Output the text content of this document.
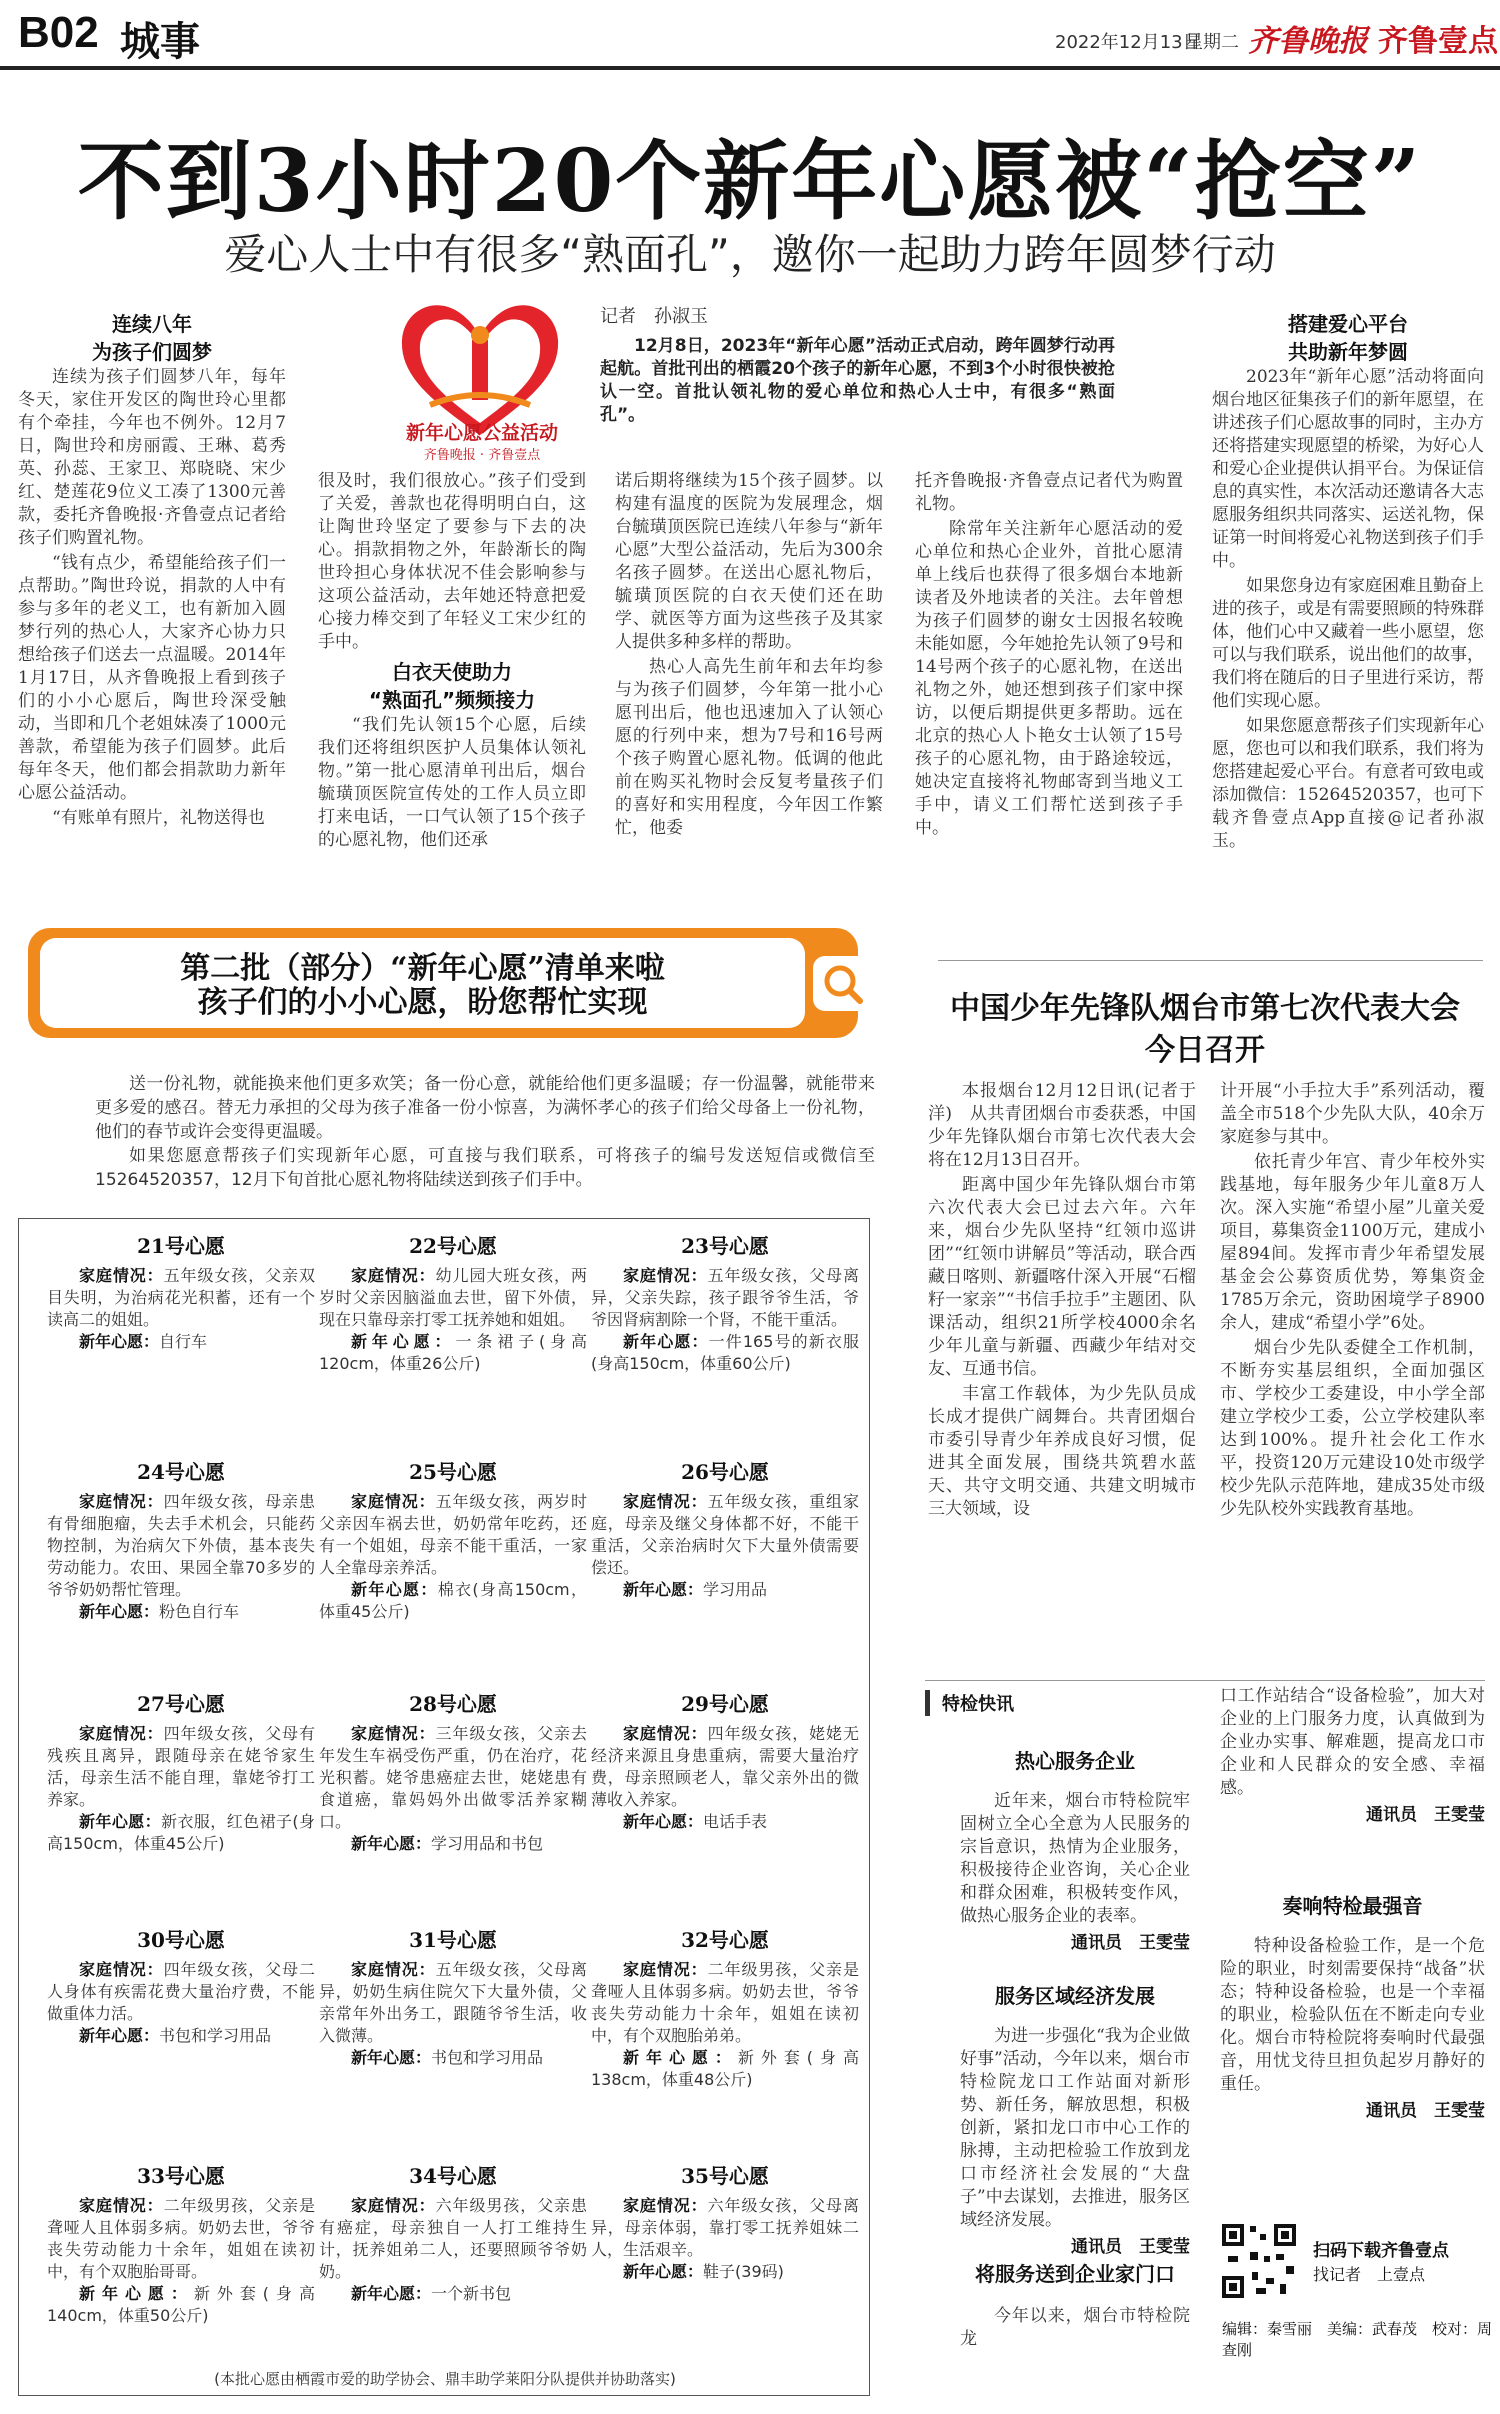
B02 城事	2022年12月13日
星期二 齐鲁晚报 齐鲁壹点
不到3小时20个新年心愿被“抢空”
爱心人士中有很多“熟面孔”，邀你一起助力跨年圆梦行动
连续八年
为孩子们圆梦

连续为孩子们圆梦八年，每年冬天，家住开发区的陶世玲心里都有个牵挂，今年也不例外。12月7日，陶世玲和房丽霞、王琳、葛秀英、孙蕊、王家卫、郑晓晓、宋少红、楚莲花9位义工凑了1300元善款，委托齐鲁晚报·齐鲁壹点记者给孩子们购置礼物。

“钱有点少，希望能给孩子们一点帮助。”陶世玲说，捐款的人中有参与多年的老义工，也有新加入圆梦行列的热心人，大家齐心协力只想给孩子们送去一点温暖。2014年1月17日，从齐鲁晚报上看到孩子们的小小心愿后，陶世玲深受触动，当即和几个老姐妹凑了1000元善款，希望能为孩子们圆梦。此后每年冬天，他们都会捐款助力新年心愿公益活动。

“有账单有照片，礼物送得也

新年心愿公益活动
齐鲁晚报 · 齐鲁壹点

很及时，我们很放心。”孩子们受到了关爱，善款也花得明明白白，这让陶世玲坚定了要参与下去的决心。捐款捐物之外，年龄渐长的陶世玲担心身体状况不佳会影响参与这项公益活动，去年她还特意把爱心接力棒交到了年轻义工宋少红的手中。

白衣天使助力
“熟面孔”频频接力

“我们先认领15个心愿，后续我们还将组织医护人员集体认领礼物。”第一批心愿清单刊出后，烟台毓璜顶医院宣传处的工作人员立即打来电话，一口气认领了15个孩子的心愿礼物，他们还承

记者　孙淑玉
12月8日，2023年“新年心愿”活动正式启动，跨年圆梦行动再起航。首批刊出的栖霞20个孩子的新年心愿，不到3个小时很快被抢认一空。首批认领礼物的爱心单位和热心人士中，有很多“熟面孔”。

诺后期将继续为15个孩子圆梦。以构建有温度的医院为发展理念，烟台毓璜顶医院已连续八年参与“新年心愿”大型公益活动，先后为300余名孩子圆梦。在送出心愿礼物后，毓璜顶医院的白衣天使们还在助学、就医等方面为这些孩子及其家人提供多种多样的帮助。

热心人高先生前年和去年均参与为孩子们圆梦，今年第一批小心愿刊出后，他也迅速加入了认领心愿的行列中来，想为7号和16号两个孩子购置心愿礼物。低调的他此前在购买礼物时会反复考量孩子们的喜好和实用程度，今年因工作繁忙，他委

托齐鲁晚报·齐鲁壹点记者代为购置礼物。

除常年关注新年心愿活动的爱心单位和热心企业外，首批心愿清单上线后也获得了很多烟台本地新读者及外地读者的关注。去年曾想为孩子们圆梦的谢女士因报名较晚未能如愿，今年她抢先认领了9号和14号两个孩子的心愿礼物，在送出礼物之外，她还想到孩子们家中探访，以便后期提供更多帮助。远在北京的热心人卜艳女士认领了15号孩子的心愿礼物，由于路途较远，她决定直接将礼物邮寄到当地义工手中，请义工们帮忙送到孩子手中。

搭建爱心平台
共助新年梦圆

2023年“新年心愿”活动将面向烟台地区征集孩子们的新年愿望，在讲述孩子们心愿故事的同时，主办方还将搭建实现愿望的桥梁，为好心人和爱心企业提供认捐平台。为保证信息的真实性，本次活动还邀请各大志愿服务组织共同落实、运送礼物，保证第一时间将爱心礼物送到孩子们手中。

如果您身边有家庭困难且勤奋上进的孩子，或是有需要照顾的特殊群体，他们心中又藏着一些小愿望，您可以与我们联系，说出他们的故事，我们将在随后的日子里进行采访，帮他们实现心愿。

如果您愿意帮孩子们实现新年心愿，您也可以和我们联系，我们将为您搭建起爱心平台。有意者可致电或添加微信：15264520357，也可下载齐鲁壹点App直接@记者孙淑玉。

第二批（部分）“新年心愿”清单来啦
孩子们的小小心愿，盼您帮忙实现

送一份礼物，就能换来他们更多欢笑；备一份心意，就能给他们更多温暖；存一份温馨，就能带来更多爱的感召。替无力承担的父母为孩子准备一份小惊喜，为满怀孝心的孩子们给父母备上一份礼物，他们的春节或许会变得更温暖。

如果您愿意帮孩子们实现新年心愿，可直接与我们联系，可将孩子的编号发送短信或微信至15264520357，12月下旬首批心愿礼物将陆续送到孩子们手中。

21号心愿

家庭情况：五年级女孩，父亲双目失明，为治病花光积蓄，还有一个读高二的姐姐。

新年心愿：自行车

22号心愿

家庭情况：幼儿园大班女孩，两岁时父亲因脑溢血去世，留下外债，现在只靠母亲打零工抚养她和姐姐。

新年心愿：一条裙子(身高120cm，体重26公斤)

23号心愿

家庭情况：五年级女孩，父母离异，父亲失踪，孩子跟爷爷生活，爷爷因肾病割除一个肾，不能干重活。

新年心愿：一件165号的新衣服(身高150cm，体重60公斤)

24号心愿

家庭情况：四年级女孩，母亲患有骨细胞瘤，失去手术机会，只能药物控制，为治病欠下外债，基本丧失劳动能力。农田、果园全靠70多岁的爷爷奶奶帮忙管理。

新年心愿：粉色自行车

25号心愿

家庭情况：五年级女孩，两岁时父亲因车祸去世，奶奶常年吃药，还有一个姐姐，母亲不能干重活，一家人全靠母亲养活。

新年心愿：棉衣(身高150cm，体重45公斤)

26号心愿

家庭情况：五年级女孩，重组家庭，母亲及继父身体都不好，不能干重活，父亲治病时欠下大量外债需要偿还。

新年心愿：学习用品

27号心愿

家庭情况：四年级女孩，父母有残疾且离异，跟随母亲在姥爷家生活，母亲生活不能自理，靠姥爷打工养家。

新年心愿：新衣服，红色裙子(身高150cm，体重45公斤)

28号心愿

家庭情况：三年级女孩，父亲去年发生车祸受伤严重，仍在治疗，花光积蓄。姥爷患癌症去世，姥姥患有食道癌，靠妈妈外出做零活养家糊口。

新年心愿：学习用品和书包

29号心愿

家庭情况：四年级女孩，姥姥无经济来源且身患重病，需要大量治疗费，母亲照顾老人，靠父亲外出的微薄收入养家。

新年心愿：电话手表

30号心愿

家庭情况：四年级女孩，父母二人身体有疾需花费大量治疗费，不能做重体力活。

新年心愿：书包和学习用品

31号心愿

家庭情况：五年级女孩，父母离异，奶奶生病住院欠下大量外债，父亲常年外出务工，跟随爷爷生活，收入微薄。

新年心愿：书包和学习用品

32号心愿

家庭情况：二年级男孩，父亲是聋哑人且体弱多病。奶奶去世，爷爷丧失劳动能力十余年，姐姐在读初中，有个双胞胎弟弟。

新年心愿：新外套(身高138cm，体重48公斤)

33号心愿

家庭情况：二年级男孩，父亲是聋哑人且体弱多病。奶奶去世，爷爷丧失劳动能力十余年，姐姐在读初中，有个双胞胎哥哥。

新年心愿：新外套(身高140cm，体重50公斤)

34号心愿

家庭情况：六年级男孩，父亲患有癌症，母亲独自一人打工维持生计，抚养姐弟二人，还要照顾爷爷奶奶。

新年心愿：一个新书包

35号心愿

家庭情况：六年级女孩，父母离异，母亲体弱，靠打零工抚养姐妹二人，生活艰辛。

新年心愿：鞋子(39码)

(本批心愿由栖霞市爱的助学协会、鼎丰助学莱阳分队提供并协助落实)
中国少年先锋队烟台市第七次代表大会
今日召开

本报烟台12月12日讯(记者于洋)　从共青团烟台市委获悉，中国少年先锋队烟台市第七次代表大会将在12月13日召开。

距离中国少年先锋队烟台市第六次代表大会已过去六年。六年来，烟台少先队坚持“红领巾巡讲团”“红领巾讲解员”等活动，联合西藏日喀则、新疆喀什深入开展“石榴籽一家亲”“书信手拉手”主题团、队课活动，组织21所学校4000余名少年儿童与新疆、西藏少年结对交友、互通书信。

丰富工作载体，为少先队员成长成才提供广阔舞台。共青团烟台市委引导青少年养成良好习惯，促进其全面发展，围绕共筑碧水蓝天、共守文明交通、共建文明城市三大领域，设

计开展“小手拉大手”系列活动，覆盖全市518个少先队大队，40余万家庭参与其中。

依托青少年宫、青少年校外实践基地，每年服务少年儿童8万人次。深入实施“希望小屋”儿童关爱项目，募集资金1100万元，建成小屋894间。发挥市青少年希望发展基金会公募资质优势，筹集资金1785万余元，资助困境学子8900余人，建成“希望小学”6处。

烟台少先队委健全工作机制，不断夯实基层组织，全面加强区市、学校少工委建设，中小学全部建立学校少工委，公立学校建队率达到100%。提升社会化工作水平，投资120万元建设10处市级学校少先队示范阵地，建成35处市级少先队校外实践教育基地。

特检快讯
热心服务企业

近年来，烟台市特检院牢固树立全心全意为人民服务的宗旨意识，热情为企业服务，积极接待企业咨询，关心企业和群众困难，积极转变作风，做热心服务企业的表率。

通讯员　王雯莹
服务区域经济发展

为进一步强化“我为企业做好事”活动，今年以来，烟台市特检院龙口工作站面对新形势、新任务，解放思想，积极创新，紧扣龙口市中心工作的脉搏，主动把检验工作放到龙口市经济社会发展的“大盘子”中去谋划，去推进，服务区域经济发展。

通讯员　王雯莹
将服务送到企业家门口

今年以来，烟台市特检院龙

口工作站结合“设备检验”，加大对企业的上门服务力度，认真做到为企业办实事、解难题，提高龙口市企业和人民群众的安全感、幸福感。

通讯员　王雯莹
奏响特检最强音

特种设备检验工作，是一个危险的职业，时刻需要保持“战备”状态；特种设备检验，也是一个幸福的职业，检验队伍在不断走向专业化。烟台市特检院将奏响时代最强音，用忧戈待旦担负起岁月静好的重任。

通讯员　王雯莹
扫码下载齐鲁壹点
找记者　上壹点
编辑：秦雪丽　美编：武春茂　校对：周查刚
